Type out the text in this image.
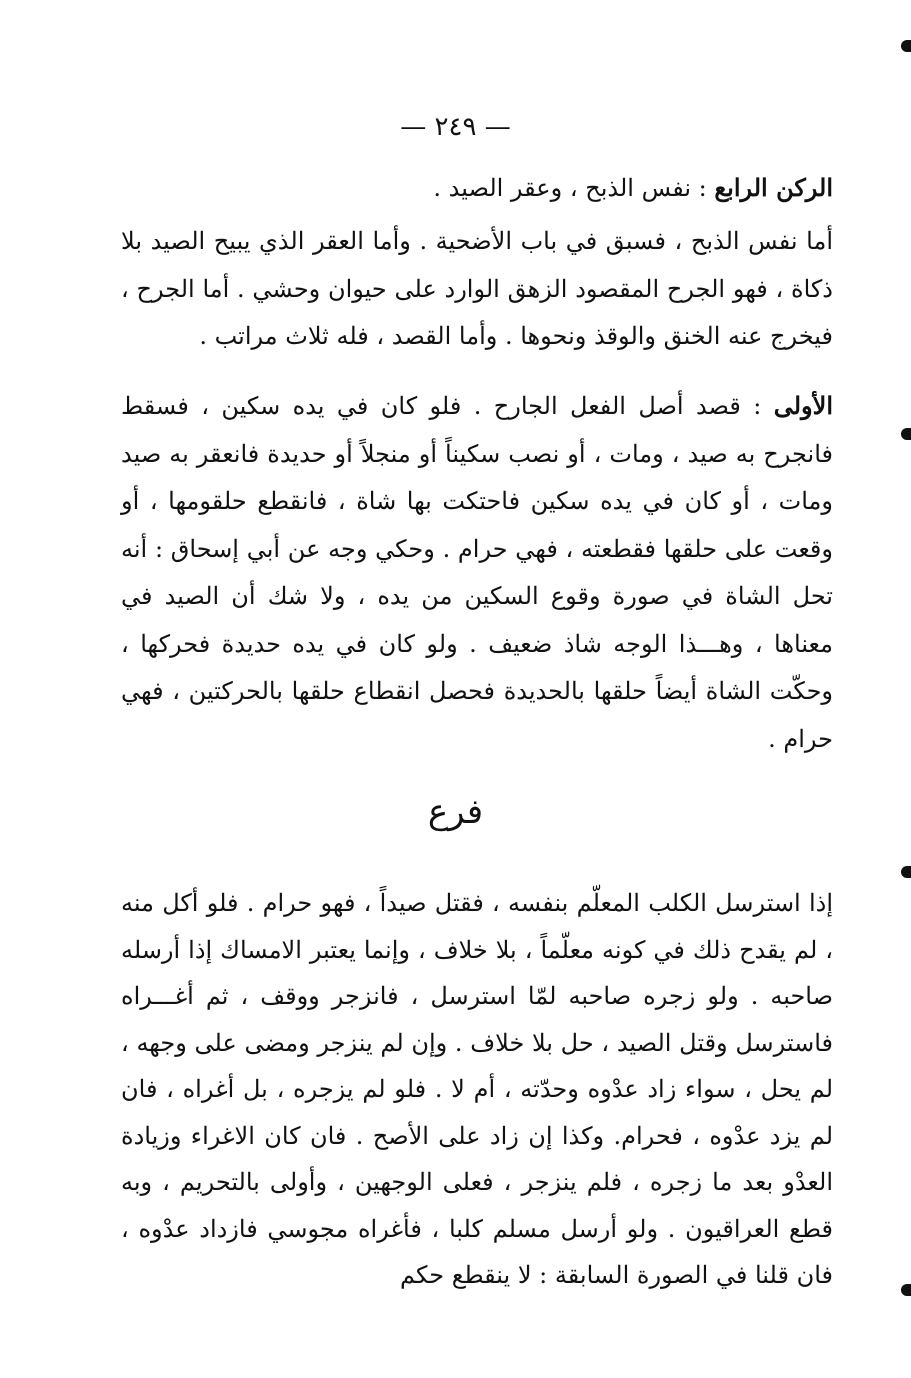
— ٢٤٩ —

الركن الرابع : نفس الذبح ، وعقر الصيد .

أما نفس الذبح ، فسبق في باب الأضحية . وأما العقر الذي يبيح الصيد بلا ذكاة ، فهو الجرح المقصود الزهق الوارد على حيوان وحشي . أما الجرح ، فيخرج عنه الخنق والوقذ ونحوها . وأما القصد ، فله ثلاث مراتب .

الأولى : قصد أصل الفعل الجارح . فلو كان في يده سكين ، فسقط فانجرح به صيد ، ومات ، أو نصب سكيناً أو منجلاً أو حديدة فانعقر به صيد ومات ، أو كان في يده سكين فاحتكت بها شاة ، فانقطع حلقومها ، أو وقعت على حلقها فقطعته ، فهي حرام . وحكي وجه عن أبي إسحاق : أنه تحل الشاة في صورة وقوع السكين من يده ، ولا شك أن الصيد في معناها ، وهـــذا الوجه شاذ ضعيف . ولو كان في يده حديدة فحركها ، وحكّت الشاة أيضاً حلقها بالحديدة فحصل انقطاع حلقها بالحركتين ، فهي حرام .

فرع

إذا استرسل الكلب المعلّم بنفسه ، فقتل صيداً ، فهو حرام . فلو أكل منه ، لم يقدح ذلك في كونه معلّماً ، بلا خلاف ، وإنما يعتبر الامساك إذا أرسله صاحبه . ولو زجره صاحبه لمّا استرسل ، فانزجر ووقف ، ثم أغـــراه فاسترسل وقتل الصيد ، حل بلا خلاف . وإن لم ينزجر ومضى على وجهه ، لم يحل ، سواء زاد عدْوه وحدّته ، أم لا . فلو لم يزجره ، بل أغراه ، فان لم يزد عدْوه ، فحرام. وكذا إن زاد على الأصح . فان كان الاغراء وزيادة العدْو بعد ما زجره ، فلم ينزجر ، فعلى الوجهين ، وأولى بالتحريم ، وبه قطع العراقيون . ولو أرسل مسلم كلبا ، فأغراه مجوسي فازداد عدْوه ، فان قلنا في الصورة السابقة : لا ينقطع حكم
